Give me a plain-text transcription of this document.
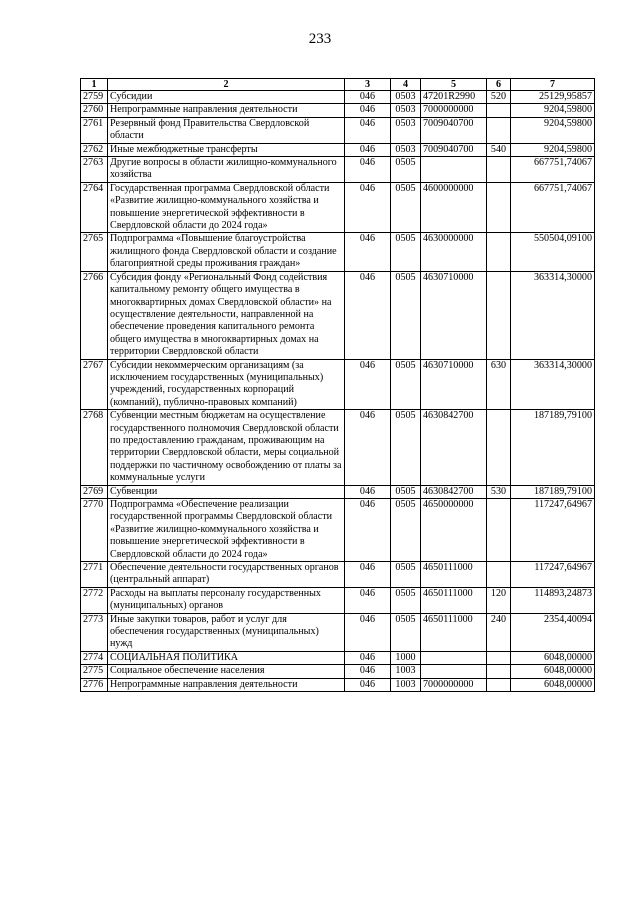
233
1	2	3	4	5	6	7
2759	Субсидии	046	0503	47201R2990	520	25129,95857
2760	Непрограммные направления деятельности	046	0503	7000000000		9204,59800
2761	Резервный фонд Правительства Свердловской области	046	0503	7009040700		9204,59800
2762	Иные межбюджетные трансферты	046	0503	7009040700	540	9204,59800
2763	Другие вопросы в области жилищно-коммунального хозяйства	046	0505			667751,74067
2764	Государственная программа Свердловской области «Развитие жилищно-коммунального хозяйства и повышение энергетической эффективности в Свердловской области до 2024 года»	046	0505	4600000000		667751,74067
2765	Подпрограмма «Повышение благоустройства жилищного фонда Свердловской области и создание благоприятной среды проживания граждан»	046	0505	4630000000		550504,09100
2766	Субсидия фонду «Региональный Фонд содействия капитальному ремонту общего имущества в многоквартирных домах Свердловской области» на осуществление деятельности, направленной на обеспечение проведения капитального ремонта общего имущества в многоквартирных домах на территории Свердловской области	046	0505	4630710000		363314,30000
2767	Субсидии некоммерческим организациям (за исключением государственных (муниципальных) учреждений, государственных корпораций (компаний), публично-правовых компаний)	046	0505	4630710000	630	363314,30000
2768	Субвенции местным бюджетам на осуществление государственного полномочия Свердловской области по предоставлению гражданам, проживающим на территории Свердловской области, меры социальной поддержки по частичному освобождению от платы за коммунальные услуги	046	0505	4630842700		187189,79100
2769	Субвенции	046	0505	4630842700	530	187189,79100
2770	Подпрограмма «Обеспечение реализации государственной программы Свердловской области «Развитие жилищно-коммунального хозяйства и повышение энергетической эффективности в Свердловской области до 2024 года»	046	0505	4650000000		117247,64967
2771	Обеспечение деятельности государственных органов (центральный аппарат)	046	0505	4650111000		117247,64967
2772	Расходы на выплаты персоналу государственных (муниципальных) органов	046	0505	4650111000	120	114893,24873
2773	Иные закупки товаров, работ и услуг для обеспечения государственных (муниципальных) нужд	046	0505	4650111000	240	2354,40094
2774	СОЦИАЛЬНАЯ ПОЛИТИКА	046	1000			6048,00000
2775	Социальное обеспечение населения	046	1003			6048,00000
2776	Непрограммные направления деятельности	046	1003	7000000000		6048,00000
